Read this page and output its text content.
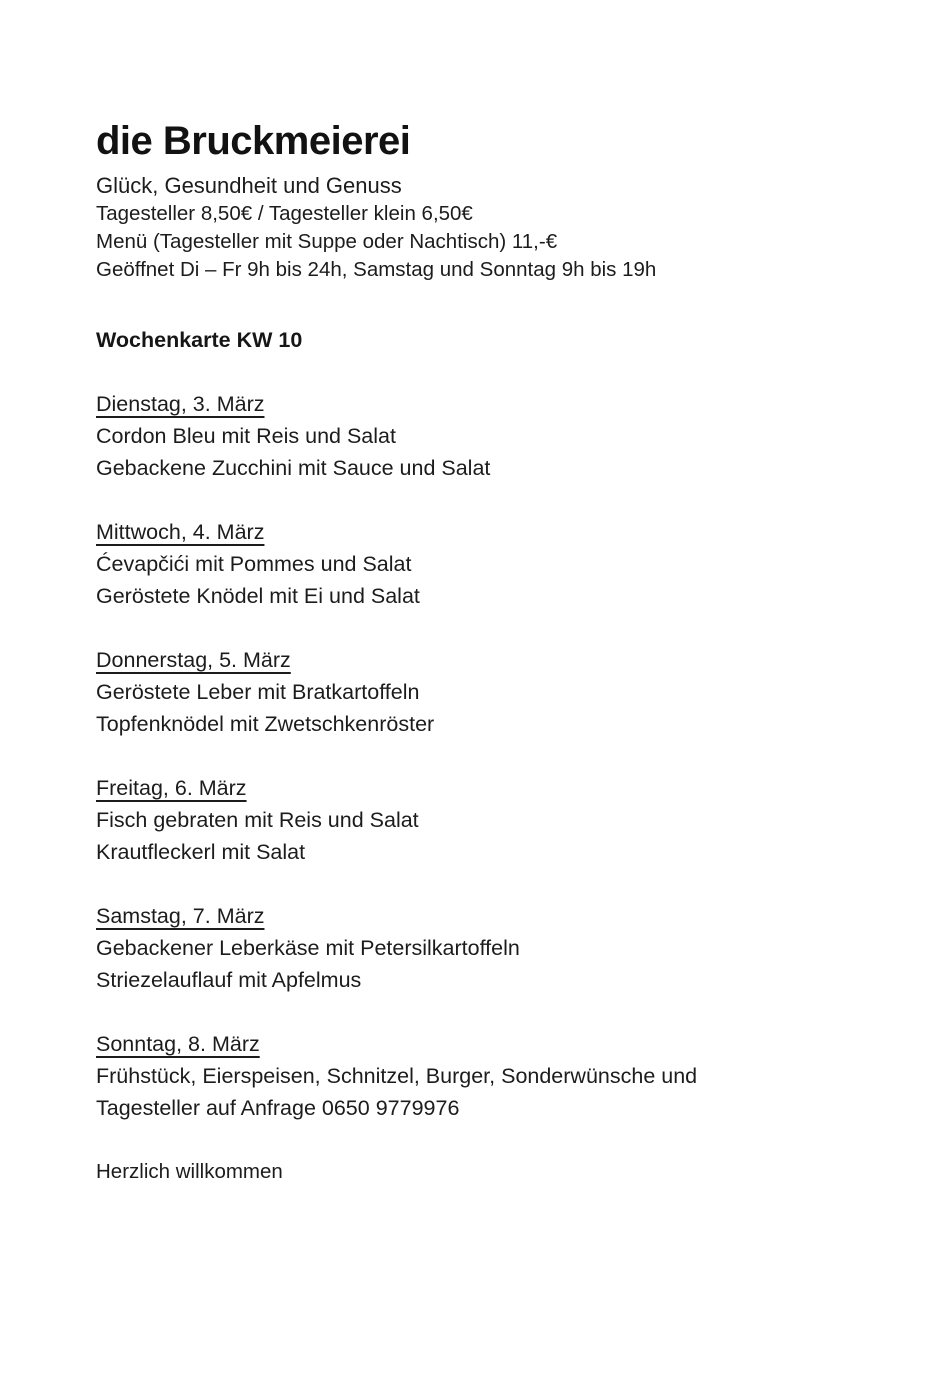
die Bruckmeierei
Glück, Gesundheit und Genuss
Tagesteller 8,50€ / Tagesteller klein 6,50€
Menü (Tagesteller mit Suppe oder Nachtisch) 11,-€
Geöffnet Di – Fr 9h bis 24h, Samstag und Sonntag 9h bis 19h
Wochenkarte KW 10
Dienstag, 3. März
Cordon Bleu mit Reis und Salat
Gebackene Zucchini mit Sauce und Salat
Mittwoch, 4. März
Ćevapčići mit Pommes und Salat
Geröstete Knödel mit Ei und Salat
Donnerstag, 5. März
Geröstete Leber mit Bratkartoffeln
Topfenknödel mit Zwetschkenröster
Freitag, 6. März
Fisch gebraten mit Reis und Salat
Krautfleckerl mit Salat
Samstag, 7. März
Gebackener Leberkäse mit Petersilkartoffeln
Striezelauflauf mit Apfelmus
Sonntag, 8. März
Frühstück, Eierspeisen, Schnitzel, Burger, Sonderwünsche und
Tagesteller auf Anfrage 0650 9779976
Herzlich willkommen
